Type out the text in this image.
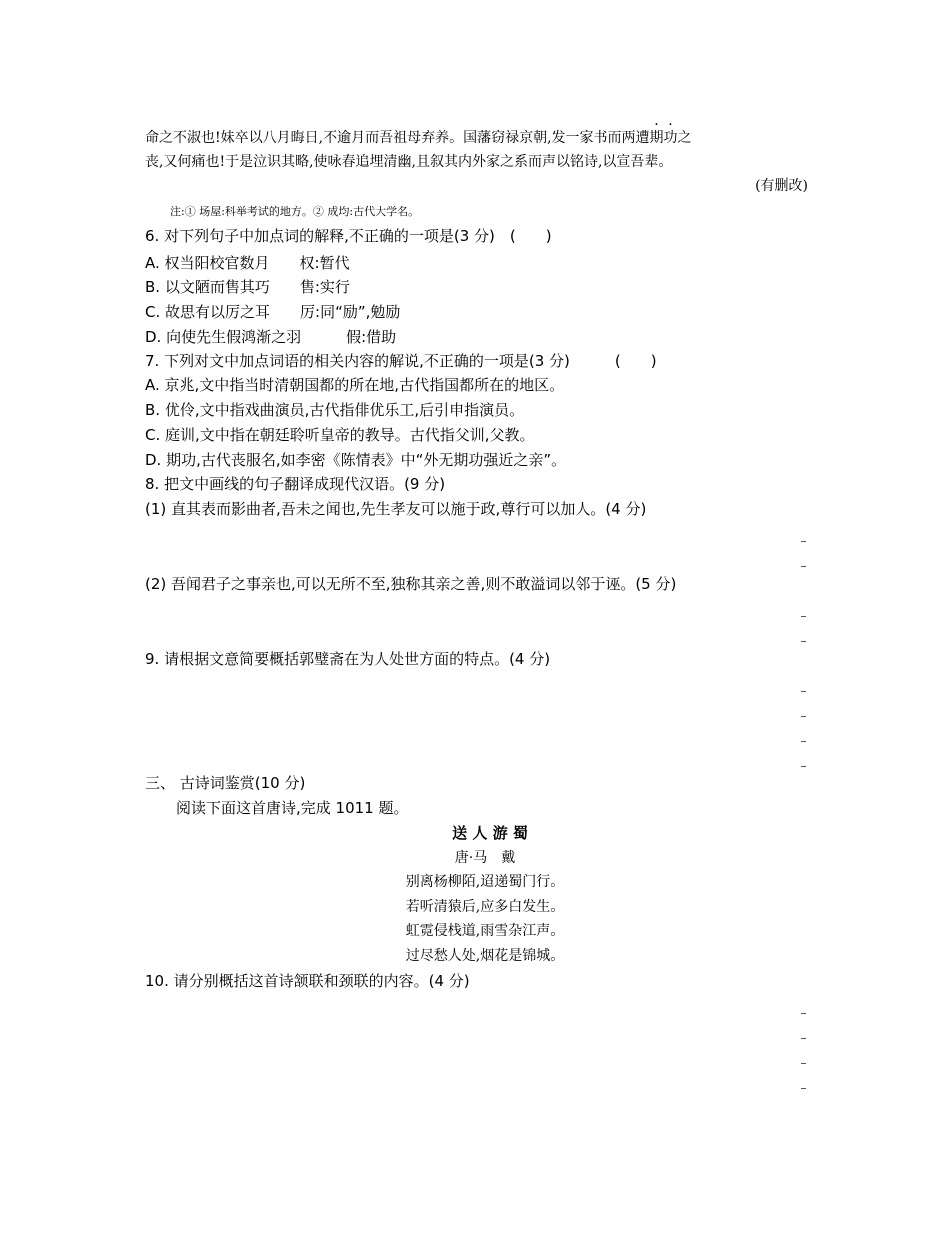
命之不淑也!妹卒以八月晦日,不逾月而吾祖母弃养。国藩窃禄京朝,发一家书而两遭期功之
丧,又何痛也!于是泣识其略,使咏春追埋清幽,且叙其内外家之系而声以铭诗,以宣吾辈。
(有删改)
注:① 场屋:科举考试的地方。② 成均:古代大学名。
6. 对下列句子中加点词的解释,不正确的一项是(3 分)　(　　)
A. 权当阳校官数月　　权:暂代
B. 以文陋而售其巧　　售:实行
C. 故思有以厉之耳　　厉:同“励”,勉励
D. 向使先生假鸿渐之羽　　　假:借助
7. 下列对文中加点词语的相关内容的解说,不正确的一项是(3 分)　　　(　　)
A. 京兆,文中指当时清朝国都的所在地,古代指国都所在的地区。
B. 优伶,文中指戏曲演员,古代指俳优乐工,后引申指演员。
C. 庭训,文中指在朝廷聆听皇帝的教导。古代指父训,父教。
D. 期功,古代丧服名,如李密《陈情表》中“外无期功强近之亲”。
8. 把文中画线的句子翻译成现代汉语。(9 分)
(1) 直其表而影曲者,吾未之闻也,先生孝友可以施于政,尊行可以加人。(4 分)
(2) 吾闻君子之事亲也,可以无所不至,独称其亲之善,则不敢溢词以邻于诬。(5 分)
9. 请根据文意简要概括郭璧斋在为人处世方面的特点。(4 分)
三、 古诗词鉴赏(10 分)
阅读下面这首唐诗,完成 1011 题。
送 人 游 蜀
唐·马　戴
别离杨柳陌,迢递蜀门行。
若听清猿后,应多白发生。
虹霓侵栈道,雨雪杂江声。
过尽愁人处,烟花是锦城。
10. 请分别概括这首诗颔联和颈联的内容。(4 分)
